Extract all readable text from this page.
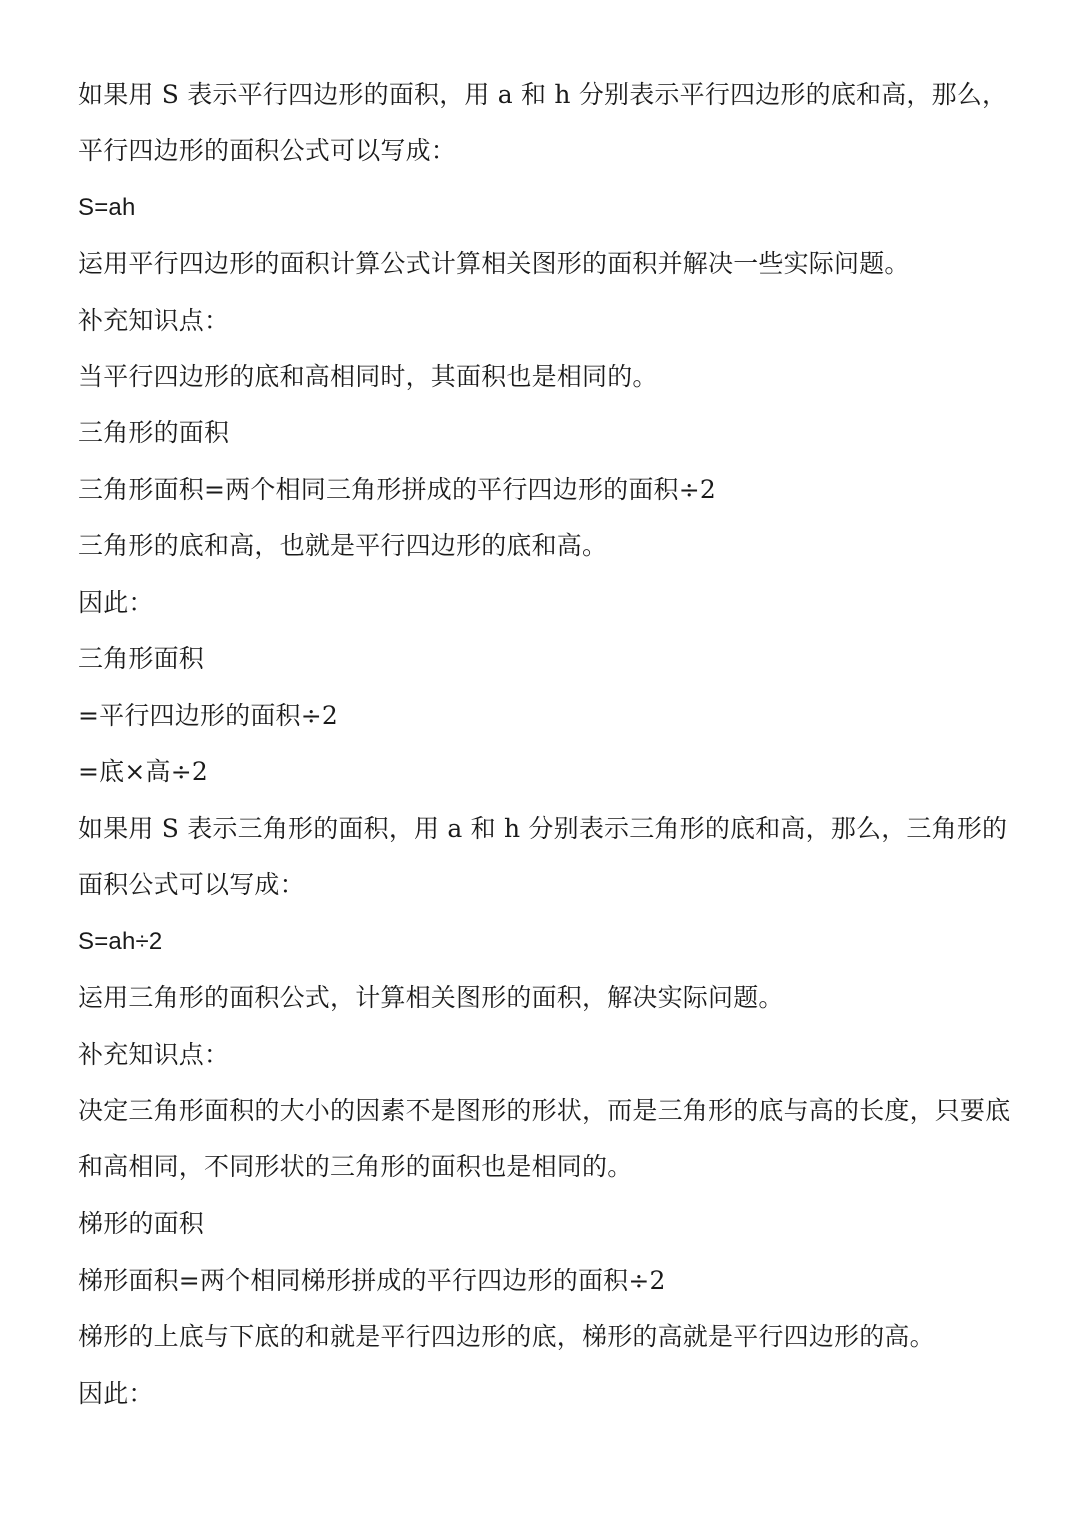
如果用 S 表示平行四边形的面积，用 a 和 h 分别表示平行四边形的底和高，那么，平行四边形的面积公式可以写成：

S=ah

运用平行四边形的面积计算公式计算相关图形的面积并解决一些实际问题。

补充知识点：

当平行四边形的底和高相同时，其面积也是相同的。

三角形的面积

三角形面积=两个相同三角形拼成的平行四边形的面积÷2

三角形的底和高，也就是平行四边形的底和高。

因此：

三角形面积

=平行四边形的面积÷2

=底×高÷2

如果用 S 表示三角形的面积，用 a 和 h 分别表示三角形的底和高，那么，三角形的面积公式可以写成：

S=ah÷2

运用三角形的面积公式，计算相关图形的面积，解决实际问题。

补充知识点：

决定三角形面积的大小的因素不是图形的形状，而是三角形的底与高的长度，只要底和高相同，不同形状的三角形的面积也是相同的。

梯形的面积

梯形面积=两个相同梯形拼成的平行四边形的面积÷2

梯形的上底与下底的和就是平行四边形的底，梯形的高就是平行四边形的高。

因此：
